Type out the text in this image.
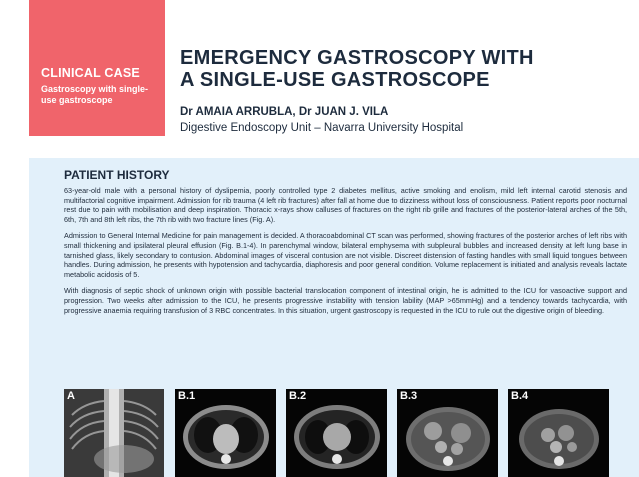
CLINICAL CASE
Gastroscopy with single-use gastroscope
EMERGENCY GASTROSCOPY WITH
A SINGLE-USE GASTROSCOPE
Dr AMAIA ARRUBLA, Dr JUAN J. VILA
Digestive Endoscopy Unit – Navarra University Hospital
PATIENT HISTORY

63-year-old male with a personal history of dyslipemia, poorly controlled type 2 diabetes mellitus, active smoking and enolism, mild left internal carotid stenosis and multifactorial cognitive impairment. Admission for rib trauma (4 left rib fractures) after fall at home due to dizziness without loss of consciousness. Patient reports poor nocturnal rest due to pain with mobilisation and deep inspiration. Thoracic x-rays show calluses of fractures on the right rib grille and fractures of the posterior-lateral arches of the 5th, 6th, 7th and 8th left ribs, the 7th rib with two fracture lines (Fig. A).

Admission to General Internal Medicine for pain management is decided. A thoracoabdominal CT scan was performed, showing fractures of the posterior arches of left ribs with small thickening and ipsilateral pleural effusion (Fig. B.1-4). In parenchymal window, bilateral emphysema with subpleural bubbles and increased density at left lung base in tarnished glass, likely secondary to contusion. Abdominal images of visceral contusion are not visible. Discreet distension of fasting handles with small liquid tongues between handles. During admission, he presents with hypotension and tachycardia, diaphoresis and poor general condition. Volume replacement is initiated and analysis reveals lactate metabolic acidosis of 5.

With diagnosis of septic shock of unknown origin with possible bacterial translocation component of intestinal origin, he is admitted to the ICU for vasoactive support and progression. Two weeks after admission to the ICU, he presents progressive instability with tension lability (MAP >65mmHg) and a tendency towards tachycardia, with progressive anaemia requiring transfusion of 3 RBC concentrates. In this situation, urgent gastroscopy is requested in the ICU to rule out the digestive origin of bleeding.

A	B.1	B.2	B.3	B.4
